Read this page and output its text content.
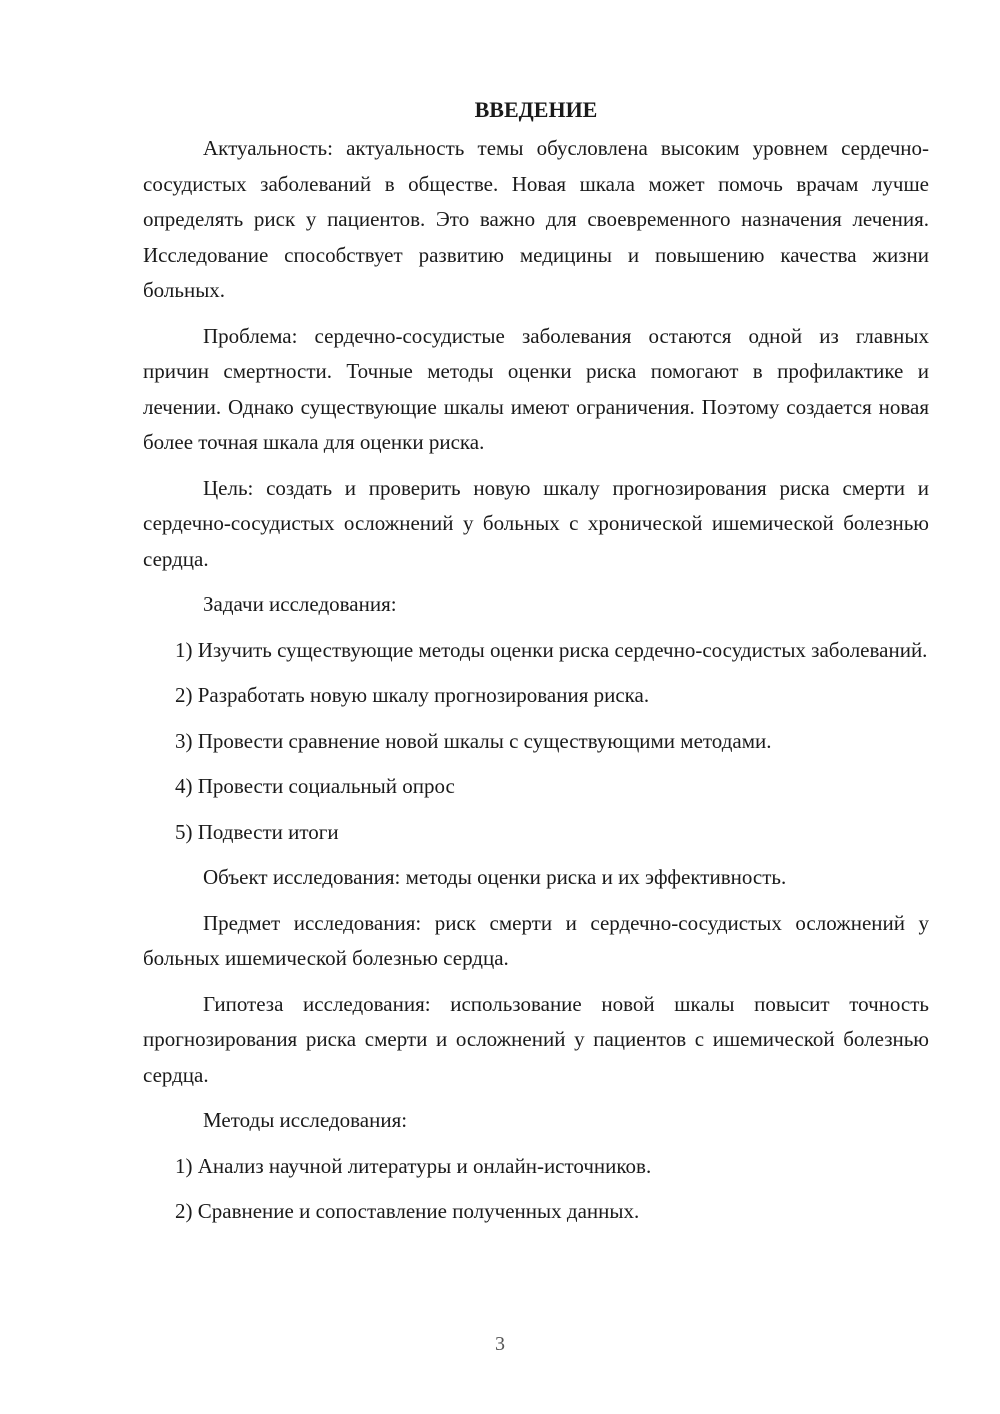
ВВЕДЕНИЕ

Актуальность: актуальность темы обусловлена высоким уровнем сердечно-сосудистых заболеваний в обществе. Новая шкала может помочь врачам лучше определять риск у пациентов. Это важно для своевременного назначения лечения. Исследование способствует развитию медицины и повышению качества жизни больных.

Проблема: сердечно-сосудистые заболевания остаются одной из главных причин смертности. Точные методы оценки риска помогают в профилактике и лечении. Однако существующие шкалы имеют ограничения. Поэтому создается новая более точная шкала для оценки риска.

Цель: создать и проверить новую шкалу прогнозирования риска смерти и сердечно-сосудистых осложнений у больных с хронической ишемической болезнью сердца.

Задачи исследования:

1) Изучить существующие методы оценки риска сердечно-сосудистых заболеваний.

2) Разработать новую шкалу прогнозирования риска.

3) Провести сравнение новой шкалы с существующими методами.

4) Провести социальный опрос

5) Подвести итоги

Объект исследования: методы оценки риска и их эффективность.

Предмет исследования: риск смерти и сердечно-сосудистых осложнений у больных ишемической болезнью сердца.

Гипотеза исследования: использование новой шкалы повысит точность прогнозирования риска смерти и осложнений у пациентов с ишемической болезнью сердца.

Методы исследования:

1) Анализ научной литературы и онлайн-источников.

2) Сравнение и сопоставление полученных данных.

3
